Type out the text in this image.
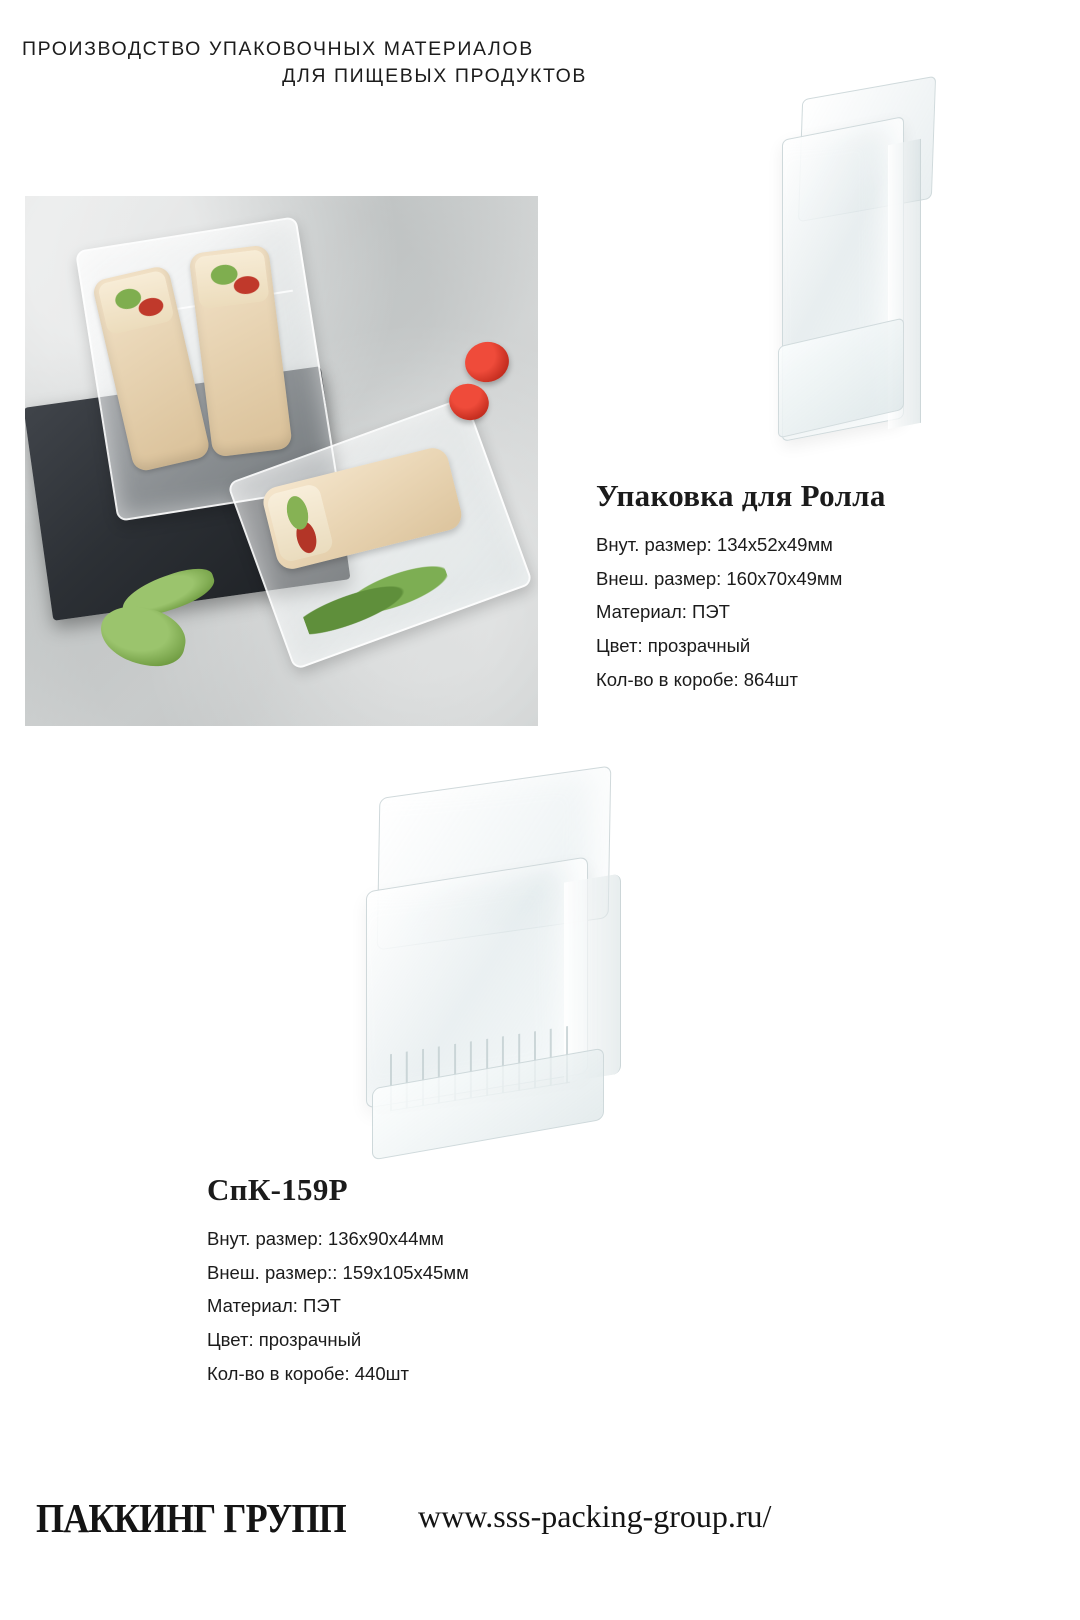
ПРОИЗВОДСТВО УПАКОВОЧНЫХ МАТЕРИАЛОВ
ДЛЯ ПИЩЕВЫХ ПРОДУКТОВ
Упаковка для Ролла
Внут. размер: 134x52x49мм
Внеш. размер: 160x70x49мм
Материал: ПЭТ
Цвет: прозрачный
Кол-во в коробе: 864шт
СпК-159Р
Внут. размер: 136x90x44мм
Внеш. размер:: 159x105x45мм
Материал: ПЭТ
Цвет: прозрачный
Кол-во в коробе: 440шт
ПАККИНГ ГРУПП www.sss-packing-group.ru/
